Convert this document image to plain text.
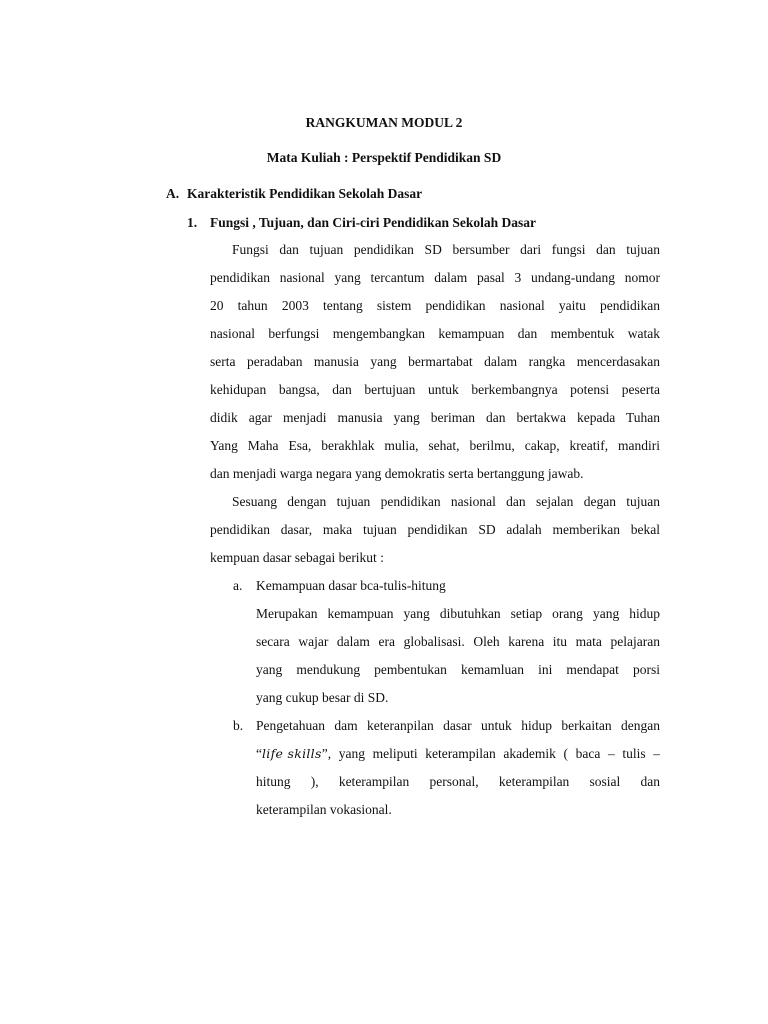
RANGKUMAN MODUL 2
Mata Kuliah : Perspektif Pendidikan SD
A. Karakteristik Pendidikan Sekolah Dasar
1. Fungsi , Tujuan, dan Ciri-ciri Pendidikan Sekolah Dasar
Fungsi dan tujuan pendidikan SD bersumber dari fungsi dan tujuan
pendidikan nasional yang tercantum dalam pasal 3 undang-undang nomor
20 tahun 2003 tentang sistem pendidikan nasional yaitu pendidikan
nasional berfungsi mengembangkan kemampuan dan membentuk watak
serta peradaban manusia yang bermartabat dalam rangka mencerdasakan
kehidupan bangsa, dan bertujuan untuk berkembangnya potensi peserta
didik agar menjadi manusia yang beriman dan bertakwa kepada Tuhan
Yang Maha Esa, berakhlak mulia, sehat, berilmu, cakap, kreatif, mandiri
dan menjadi warga negara yang demokratis serta bertanggung jawab.
Sesuang dengan tujuan pendidikan nasional dan sejalan degan tujuan
pendidikan dasar, maka tujuan pendidikan SD adalah memberikan bekal
kempuan dasar sebagai berikut :
a. Kemampuan dasar bca-tulis-hitung
Merupakan kemampuan yang dibutuhkan setiap orang yang hidup
secara wajar dalam era globalisasi. Oleh karena itu mata pelajaran
yang mendukung pembentukan kemamluan ini mendapat porsi
yang cukup besar di SD.
b. Pengetahuan dam keteranpilan dasar untuk hidup berkaitan dengan
“ life skills ” , yang meliputi keterampilan akademik ( baca – tulis –
hitung ), keterampilan personal, keterampilan sosial dan
keterampilan vokasional.
